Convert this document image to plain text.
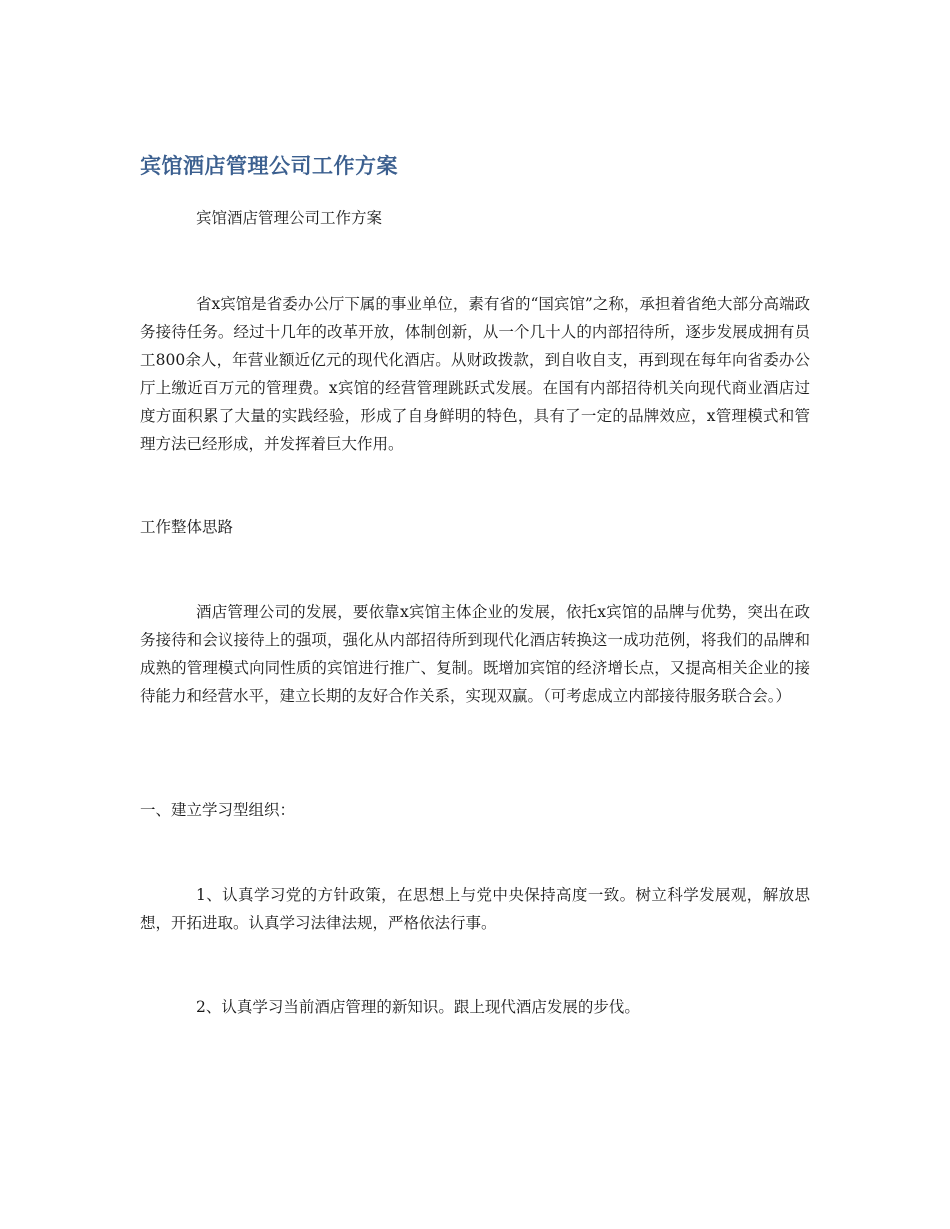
宾馆酒店管理公司工作方案

宾馆酒店管理公司工作方案

省x宾馆是省委办公厅下属的事业单位，素有省的“国宾馆”之称，承担着省绝大部分高端政务接待任务。经过十几年的改革开放，体制创新，从一个几十人的内部招待所，逐步发展成拥有员工800余人，年营业额近亿元的现代化酒店。从财政拨款，到自收自支，再到现在每年向省委办公厅上缴近百万元的管理费。x宾馆的经营管理跳跃式发展。在国有内部招待机关向现代商业酒店过度方面积累了大量的实践经验，形成了自身鲜明的特色，具有了一定的品牌效应，x管理模式和管理方法已经形成，并发挥着巨大作用。

工作整体思路

酒店管理公司的发展，要依靠x宾馆主体企业的发展，依托x宾馆的品牌与优势，突出在政务接待和会议接待上的强项，强化从内部招待所到现代化酒店转换这一成功范例，将我们的品牌和成熟的管理模式向同性质的宾馆进行推广、复制。既增加宾馆的经济增长点，又提高相关企业的接待能力和经营水平，建立长期的友好合作关系，实现双赢。（可考虑成立内部接待服务联合会。）

一、建立学习型组织：

1、认真学习党的方针政策，在思想上与党中央保持高度一致。树立科学发展观，解放思想，开拓进取。认真学习法律法规，严格依法行事。

2、认真学习当前酒店管理的新知识。跟上现代酒店发展的步伐。
